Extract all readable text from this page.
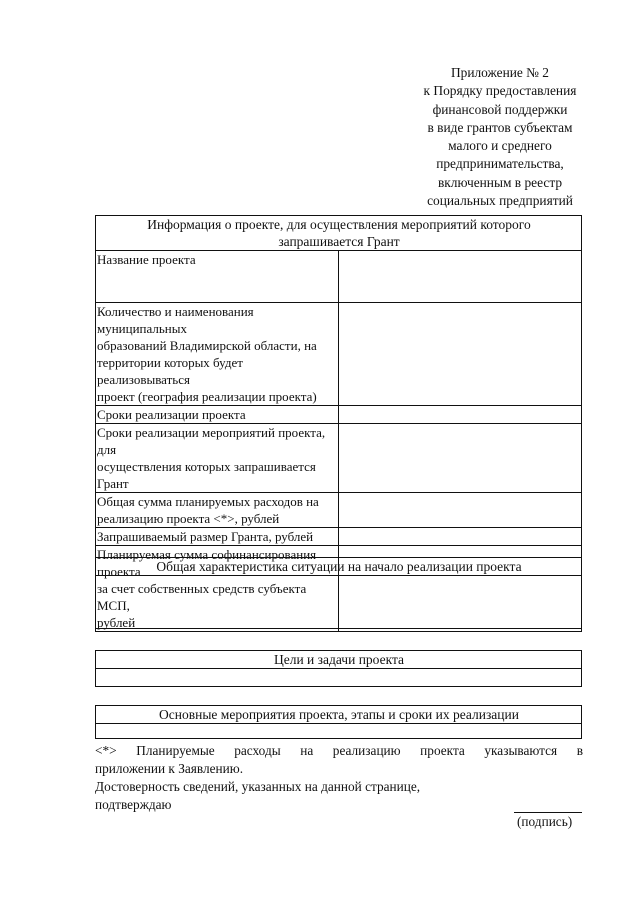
Приложение № 2
к Порядку предоставления
финансовой поддержки
в виде грантов субъектам
малого и среднего
предпринимательства,
включенным в реестр
социальных предприятий
Информация о проекте, для осуществления мероприятий которого
запрашивается Грант	

Название проекта	

Количество и наименования муниципальных
образований Владимирской области, на
территории которых будет реализовываться
проект (география реализации проекта)	

Сроки реализации проекта	

Сроки реализации мероприятий проекта, для
осуществления которых запрашивается Грант	

Общая сумма планируемых расходов на
реализацию проекта <*>, рублей	

Запрашиваемый размер Гранта, рублей	

Планируемая сумма софинансирования проекта
за счет собственных средств субъекта МСП,
рублей	

Общая характеристика ситуации на начало реализации проекта

Цели и задачи проекта

Основные мероприятия проекта, этапы и сроки их реализации

<*> Планируемые расходы на реализацию проекта указываются в
приложении к Заявлению.
Достоверность сведений, указанных на данной странице,
подтверждаю
(подпись)
